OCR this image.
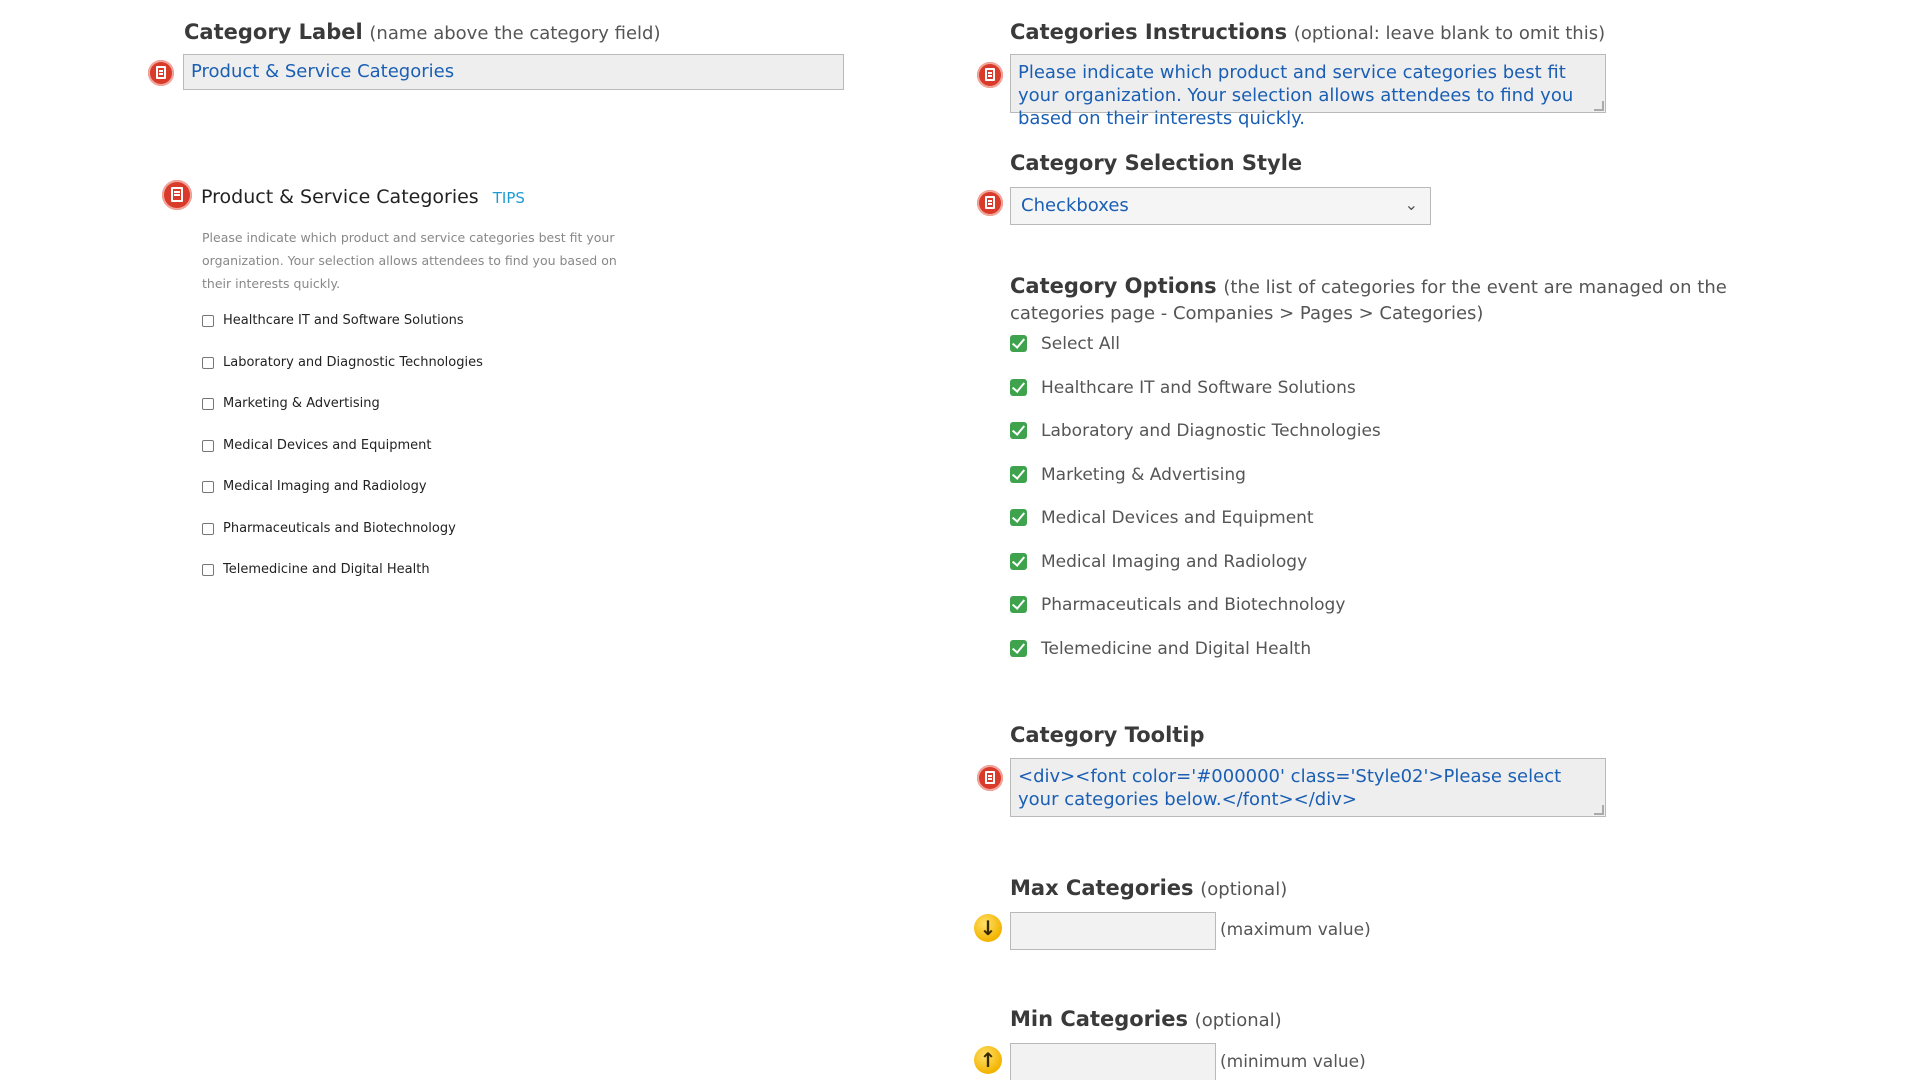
Category Label (name above the category field)
Product & Service Categories
Product & Service Categories TIPS
Please indicate which product and service categories best fit your organization. Your selection allows attendees to find you based on their interests quickly.
Healthcare IT and Software Solutions
Laboratory and Diagnostic Technologies
Marketing & Advertising
Medical Devices and Equipment
Medical Imaging and Radiology
Pharmaceuticals and Biotechnology
Telemedicine and Digital Health
Categories Instructions (optional: leave blank to omit this)
Please indicate which product and service categories best fit your organization. Your selection allows attendees to find you based on their interests quickly.
Category Selection Style
Checkboxes	⌄
Category Options (the list of categories for the event are managed on the categories page - Companies > Pages > Categories)
Select All
Healthcare IT and Software Solutions
Laboratory and Diagnostic Technologies
Marketing & Advertising
Medical Devices and Equipment
Medical Imaging and Radiology
Pharmaceuticals and Biotechnology
Telemedicine and Digital Health
Category Tooltip
<div><font color='#000000' class='Style02'>Please select your categories below.</font></div>
Max Categories (optional)
↓	(maximum value)
Min Categories (optional)
↑	(minimum value)
